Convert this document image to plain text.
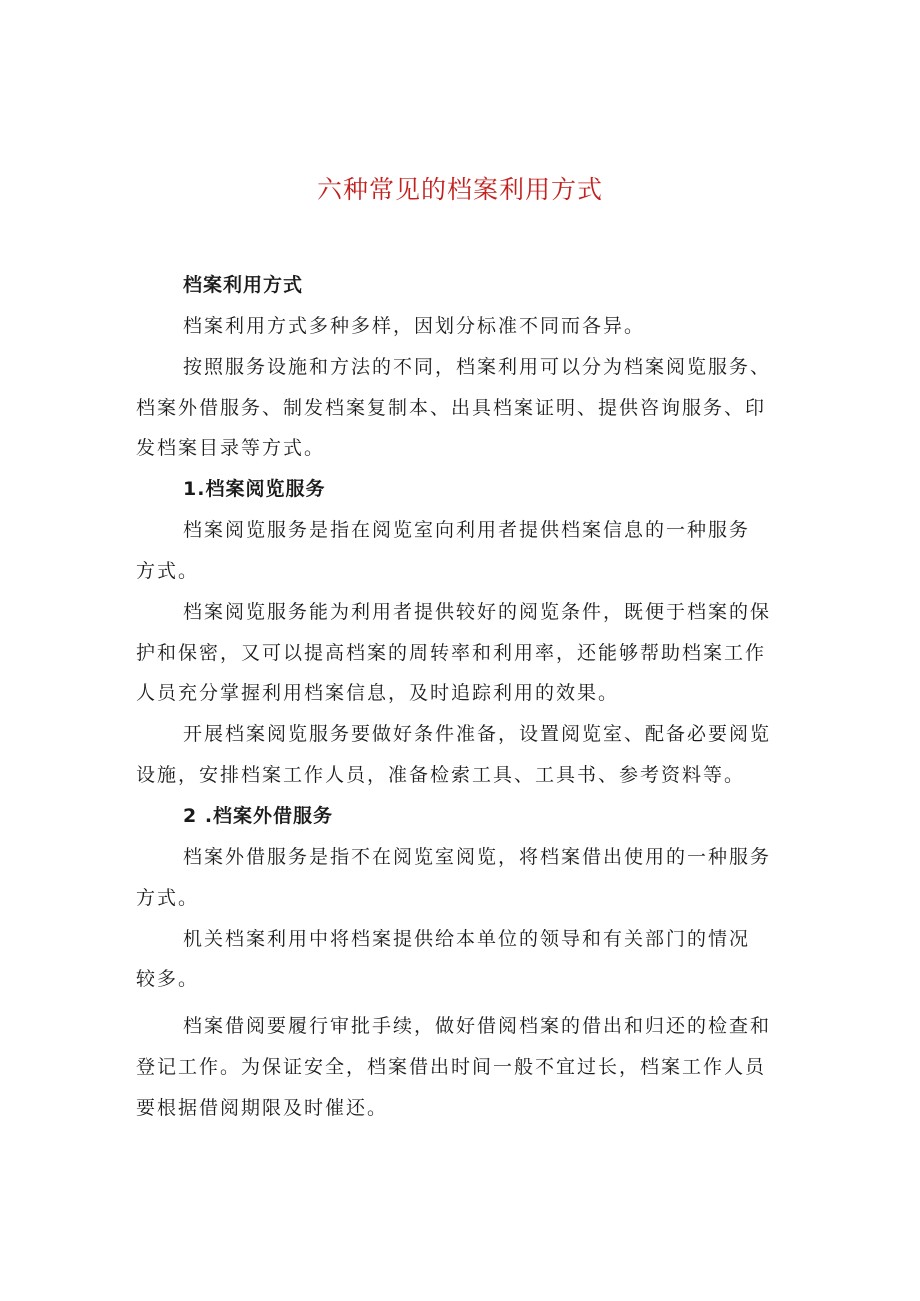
六种常见的档案利用方式
档案利用方式
档案利用方式多种多样，因划分标准不同而各异。
按照服务设施和方法的不同，档案利用可以分为档案阅览服务、
档案外借服务、制发档案复制本、出具档案证明、提供咨询服务、印
发档案目录等方式。
1.档案阅览服务
档案阅览服务是指在阅览室向利用者提供档案信息的一种服务
方式。
档案阅览服务能为利用者提供较好的阅览条件，既便于档案的保
护和保密，又可以提高档案的周转率和利用率，还能够帮助档案工作
人员充分掌握利用档案信息，及时追踪利用的效果。
开展档案阅览服务要做好条件准备，设置阅览室、配备必要阅览
设施，安排档案工作人员，准备检索工具、工具书、参考资料等。
2 .档案外借服务
档案外借服务是指不在阅览室阅览，将档案借出使用的一种服务
方式。
机关档案利用中将档案提供给本单位的领导和有关部门的情况
较多。
档案借阅要履行审批手续，做好借阅档案的借出和归还的检查和
登记工作。为保证安全，档案借出时间一般不宜过长，档案工作人员
要根据借阅期限及时催还。
